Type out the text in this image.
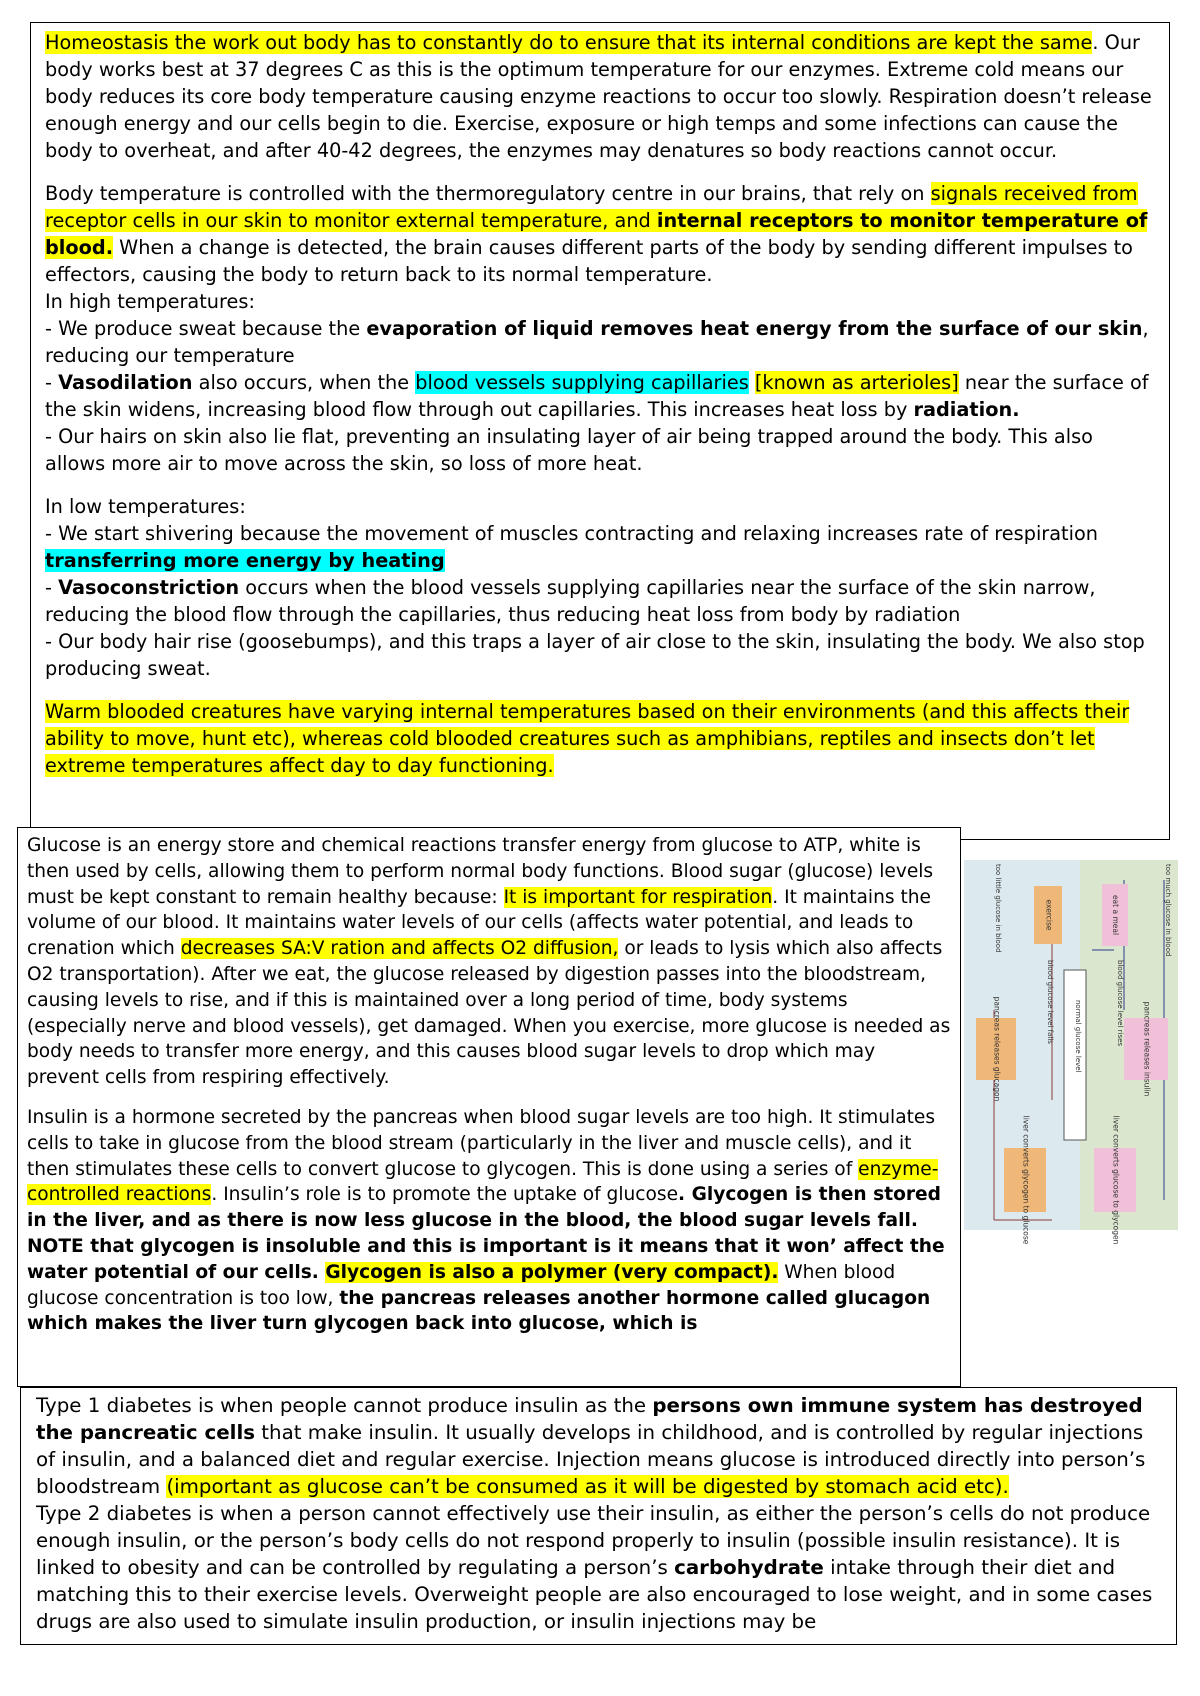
Homeostasis the work out body has to constantly do to ensure that its internal conditions are kept the same. Our body works best at 37 degrees C as this is the optimum temperature for our enzymes. Extreme cold means our body reduces its core body temperature causing enzyme reactions to occur too slowly. Respiration doesn’t release enough energy and our cells begin to die. Exercise, exposure or high temps and some infections can cause the body to overheat, and after 40-42 degrees, the enzymes may denatures so body reactions cannot occur.

Body temperature is controlled with the thermoregulatory centre in our brains, that rely on signals received from receptor cells in our skin to monitor external temperature, and internal receptors to monitor temperature of blood. When a change is detected, the brain causes different parts of the body by sending different impulses to effectors, causing the body to return back to its normal temperature.

In high temperatures:

- We produce sweat because the evaporation of liquid removes heat energy from the surface of our skin, reducing our temperature

- Vasodilation also occurs, when the blood vessels supplying capillaries [known as arterioles] near the surface of the skin widens, increasing blood flow through out capillaries. This increases heat loss by radiation.

- Our hairs on skin also lie flat, preventing an insulating layer of air being trapped around the body. This also allows more air to move across the skin, so loss of more heat.

In low temperatures:

- We start shivering because the movement of muscles contracting and relaxing increases rate of respiration transferring more energy by heating

- Vasoconstriction occurs when the blood vessels supplying capillaries near the surface of the skin narrow, reducing the blood flow through the capillaries, thus reducing heat loss from body by radiation

- Our body hair rise (goosebumps), and this traps a layer of air close to the skin, insulating the body. We also stop producing sweat.

Warm blooded creatures have varying internal temperatures based on their environments (and this affects their ability to move, hunt etc), whereas cold blooded creatures such as amphibians, reptiles and insects don’t let extreme temperatures affect day to day functioning.

Glucose is an energy store and chemical reactions transfer energy from glucose to ATP, white is then used by cells, allowing them to perform normal body functions. Blood sugar (glucose) levels must be kept constant to remain healthy because: It is important for respiration. It maintains the volume of our blood. It maintains water levels of our cells (affects water potential, and leads to crenation which decreases SA:V ration and affects O2 diffusion, or leads to lysis which also affects O2 transportation). After we eat, the glucose released by digestion passes into the bloodstream, causing levels to rise, and if this is maintained over a long period of time, body systems (especially nerve and blood vessels), get damaged. When you exercise, more glucose is needed as body needs to transfer more energy, and this causes blood sugar levels to drop which may prevent cells from respiring effectively.

Insulin is a hormone secreted by the pancreas when blood sugar levels are too high. It stimulates cells to take in glucose from the blood stream (particularly in the liver and muscle cells), and it then stimulates these cells to convert glucose to glycogen. This is done using a series of enzyme-controlled reactions. Insulin’s role is to promote the uptake of glucose. Glycogen is then stored in the liver, and as there is now less glucose in the blood, the blood sugar levels fall. NOTE that glycogen is insoluble and this is important is it means that it won’ affect the water potential of our cells. Glycogen is also a polymer (very compact). When blood glucose concentration is too low, the pancreas releases another hormone called glucagon which makes the liver turn glycogen back into glucose, which is

Type 1 diabetes is when people cannot produce insulin as the persons own immune system has destroyed the pancreatic cells that make insulin. It usually develops in childhood, and is controlled by regular injections of insulin, and a balanced diet and regular exercise. Injection means glucose is introduced directly into person’s bloodstream (important as glucose can’t be consumed as it will be digested by stomach acid etc).

Type 2 diabetes is when a person cannot effectively use their insulin, as either the person’s cells do not produce enough insulin, or the person’s body cells do not respond properly to insulin (possible insulin resistance). It is linked to obesity and can be controlled by regulating a person’s carbohydrate intake through their diet and matching this to their exercise levels. Overweight people are also encouraged to lose weight, and in some cases drugs are also used to simulate insulin production, or insulin injections may be

too little glucose in blood	too much glucose in blood
exercise	eat a meal
blood glucose level falls	blood glucose level rises
normal glucose level
pancreas releases glucagon	pancreas releases insulin
liver converts glycogen to glucose	liver converts glucose to glycogen
